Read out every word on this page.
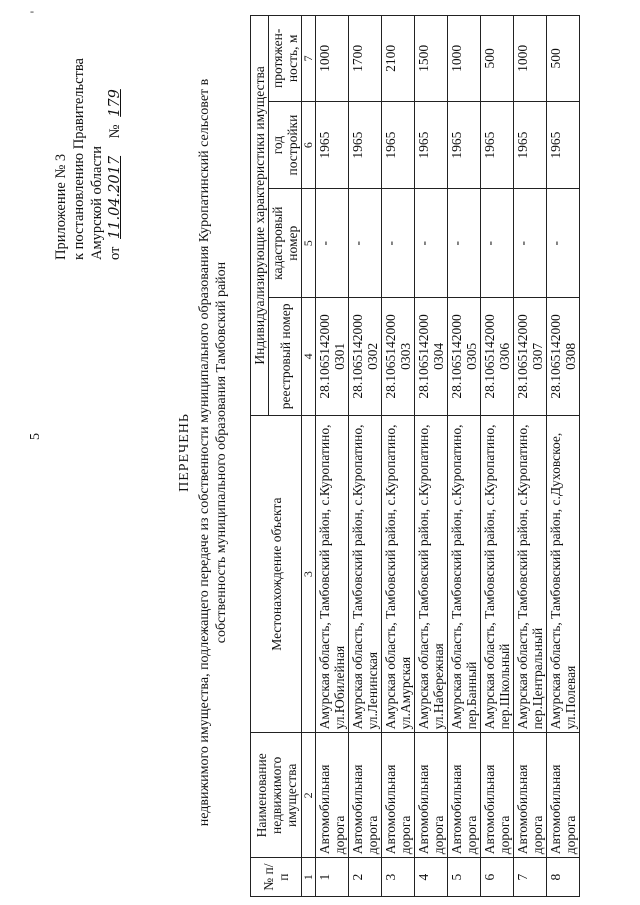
-
5
Приложение № 3 к постановлению Правительства Амурской области от 11.04.2017 № 179
ПЕРЕЧЕНЬ недвижимого имущества, подлежащего передаче из собственности муниципального образования Куропатинский сельсовет в собственность муниципального образования Тамбовский район
№ п/п	Наименование недвижимого имущества	Местонахождение объекта	Индивидуализирующие характеристики имущества			
			реестровый номер	кадастровый номер	год постройки	протяжен- ность, м
1	2	3	4	5	6	7
1	Автомобильная дорога	Амурская область, Тамбовский район, с.Куропатино, ул.Юбилейная	28.1065142000 0301	-	1965	1000
2	Автомобильная дорога	Амурская область, Тамбовский район, с.Куропатино, ул.Ленинская	28.1065142000 0302	-	1965	1700
3	Автомобильная дорога	Амурская область, Тамбовский район, с.Куропатино, ул.Амурская	28.1065142000 0303	-	1965	2100
4	Автомобильная дорога	Амурская область, Тамбовский район, с.Куропатино, ул.Набережная	28.1065142000 0304	-	1965	1500
5	Автомобильная дорога	Амурская область, Тамбовский район, с.Куропатино, пер.Банный	28.1065142000 0305	-	1965	1000
6	Автомобильная дорога	Амурская область, Тамбовский район, с.Куропатино, пер.Школьный	28.1065142000 0306	-	1965	500
7	Автомобильная дорога	Амурская область, Тамбовский район, с.Куропатино, пер.Центральный	28.1065142000 0307	-	1965	1000
8	Автомобильная дорога	Амурская область, Тамбовский район, с.Духовское, ул.Полевая	28.1065142000 0308	-	1965	500
